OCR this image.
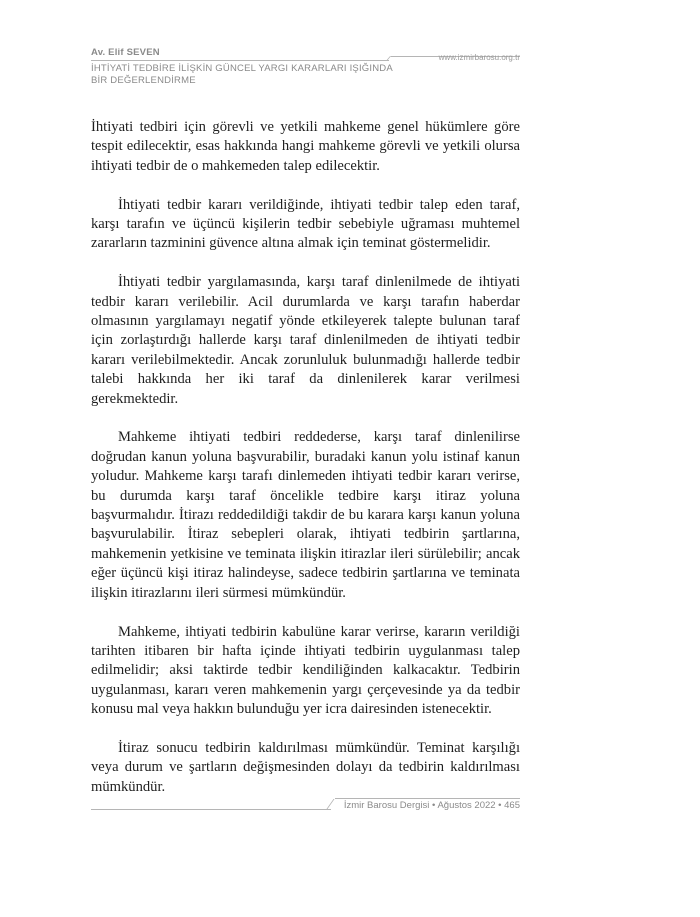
Av. Elif SEVEN	www.izmirbarosu.org.tr
İHTİYATİ TEDBİRE İLİŞKİN GÜNCEL YARGI KARARLARI IŞIĞINDA
BİR DEĞERLENDİRME

İhtiyati tedbiri için görevli ve yetkili mahkeme genel hükümlere göre tespit edilecektir, esas hakkında hangi mahkeme görevli ve yetkili olursa ihtiyati tedbir de o mahkemeden talep edilecektir.

İhtiyati tedbir kararı verildiğinde, ihtiyati tedbir talep eden taraf, karşı tarafın ve üçüncü kişilerin tedbir sebebiyle uğraması muhtemel zararların tazminini güvence altına almak için teminat göstermelidir.

İhtiyati tedbir yargılamasında, karşı taraf dinlenilmede de ihtiyati tedbir kararı verilebilir. Acil durumlarda ve karşı tarafın haberdar olmasının yargılamayı negatif yönde etkileyerek talepte bulunan taraf için zorlaştırdığı hallerde karşı taraf dinlenilmeden de ihtiyati tedbir kararı verilebilmektedir. Ancak zorunluluk bulunmadığı hallerde tedbir talebi hakkında her iki taraf da dinlenilerek karar verilmesi gerekmektedir.

Mahkeme ihtiyati tedbiri reddederse, karşı taraf dinlenilirse doğrudan kanun yoluna başvurabilir, buradaki kanun yolu istinaf kanun yoludur. Mahkeme karşı tarafı dinlemeden ihtiyati tedbir kararı verirse, bu durumda karşı taraf öncelikle tedbire karşı itiraz yoluna başvurmalıdır. İtirazı reddedildiği takdir de bu karara karşı kanun yoluna başvurulabilir. İtiraz sebepleri olarak, ihtiyati tedbirin şartlarına, mahkemenin yetkisine ve teminata ilişkin itirazlar ileri sürülebilir; ancak eğer üçüncü kişi itiraz halindeyse, sadece tedbirin şartlarına ve teminata ilişkin itirazlarını ileri sürmesi mümkündür.

Mahkeme, ihtiyati tedbirin kabulüne karar verirse, kararın verildiği tarihten itibaren bir hafta içinde ihtiyati tedbirin uygulanması talep edilmelidir; aksi taktirde tedbir kendiliğinden kalkacaktır. Tedbirin uygulanması, kararı veren mahkemenin yargı çerçevesinde ya da tedbir konusu mal veya hakkın bulunduğu yer icra dairesinden istenecektir.

İtiraz sonucu tedbirin kaldırılması mümkündür. Teminat karşılığı veya durum ve şartların değişmesinden dolayı da tedbirin kaldırılması mümkündür.

İzmir Barosu Dergisi • Ağustos 2022 • 465
